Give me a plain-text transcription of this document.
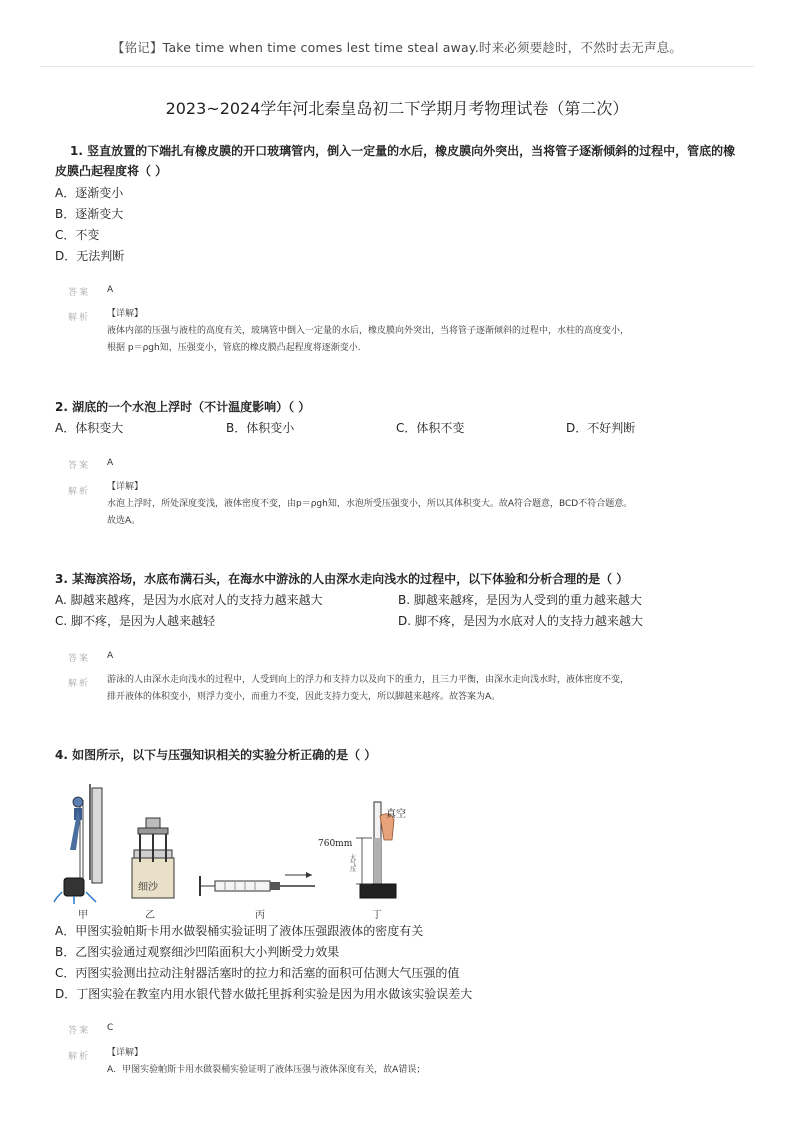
【铭记】Take time when time comes lest time steal away.时来必须要趁时，不然时去无声息。
2023~2024学年河北秦皇岛初二下学期月考物理试卷（第二次）
1. 竖直放置的下端扎有橡皮膜的开口玻璃管内，倒入一定量的水后，橡皮膜向外突出，当将管子逐渐倾斜的过程中，管底的橡
皮膜凸起程度将（ ）
A．逐渐变小
B．逐渐变大
C．不变
D．无法判断
答案 A
解析 【详解】
液体内部的压强与液柱的高度有关，玻璃管中倒入一定量的水后，橡皮膜向外突出，当将管子逐渐倾斜的过程中，水柱的高度变小，
根据 p＝ρgh知，压强变小，管底的橡皮膜凸起程度将逐渐变小.
2. 湖底的一个水泡上浮时（不计温度影响）（ ）
A．体积变大	B．体积变小	C．体积不变	D．不好判断
答案 A
解析 【详解】
水泡上浮时，所处深度变浅，液体密度不变，由p＝ρgh知，水泡所受压强变小，所以其体积变大。故A符合题意，BCD不符合题意。
故选A。
3. 某海滨浴场，水底布满石头，在海水中游泳的人由深水走向浅水的过程中，以下体验和分析合理的是（ ）
A. 脚越来越疼，是因为水底对人的支持力越来越大	B. 脚越来越疼，是因为人受到的重力越来越大
C. 脚不疼，是因为人越来越轻	D. 脚不疼，是因为水底对人的支持力越来越大
答案 A
解析 游泳的人由深水走向浅水的过程中，人受到向上的浮力和支持力以及向下的重力，且三力平衡，由深水走向浅水时，液体密度不变，
排开液体的体积变小，则浮力变小，而重力不变，因此支持力变大，所以脚越来越疼。故答案为A。
4. 如图所示，以下与压强知识相关的实验分析正确的是（ ）
细沙
760mm
真空
大气压
甲	乙	丙	丁
A．甲图实验帕斯卡用水做裂桶实验证明了液体压强跟液体的密度有关
B．乙图实验通过观察细沙凹陷面积大小判断受力效果
C．丙图实验测出拉动注射器活塞时的拉力和活塞的面积可估测大气压强的值
D．丁图实验在教室内用水银代替水做托里拆利实验是因为用水做该实验误差大
答案 C
解析 【详解】
A．甲图实验帕斯卡用水做裂桶实验证明了液体压强与液体深度有关，故A错误；
